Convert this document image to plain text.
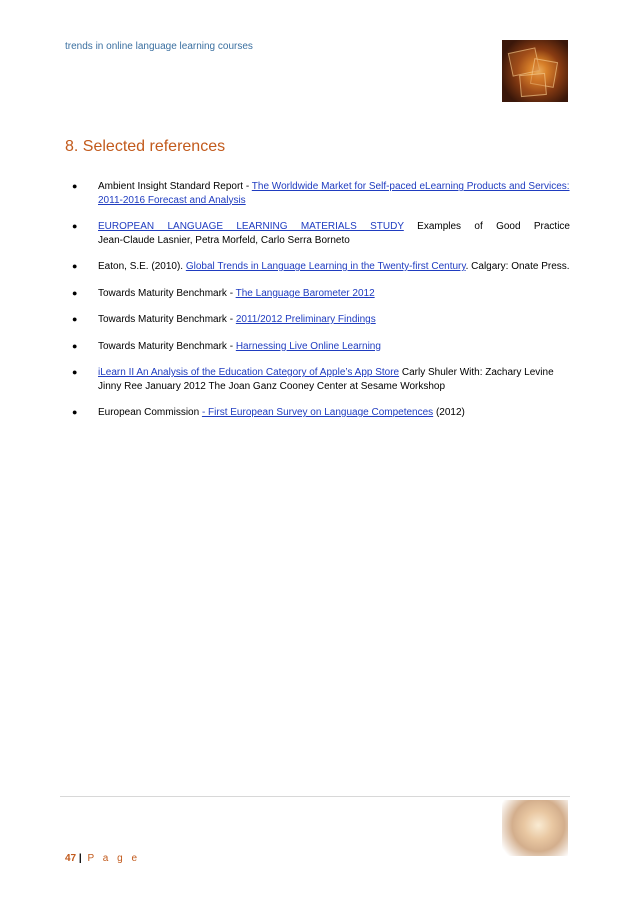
trends in online language learning courses
8. Selected references
● Ambient Insight Standard Report - The Worldwide Market for Self-paced eLearning Products and Services: 2011-2016 Forecast and Analysis
● EUROPEAN LANGUAGE LEARNING MATERIALS STUDY Examples of Good Practice
Jean-Claude Lasnier, Petra Morfeld, Carlo Serra Borneto
● Eaton, S.E. (2010). Global Trends in Language Learning in the Twenty-first Century. Calgary: Onate Press.
● Towards Maturity Benchmark - The Language Barometer 2012
● Towards Maturity Benchmark - 2011/2012 Preliminary Findings
● Towards Maturity Benchmark - Harnessing Live Online Learning
● iLearn II An Analysis of the Education Category of Apple’s App Store Carly Shuler With: Zachary Levine Jinny Ree January 2012 The Joan Ganz Cooney Center at Sesame Workshop
● European Commission - First European Survey on Language Competences (2012)
47 | P a g e
